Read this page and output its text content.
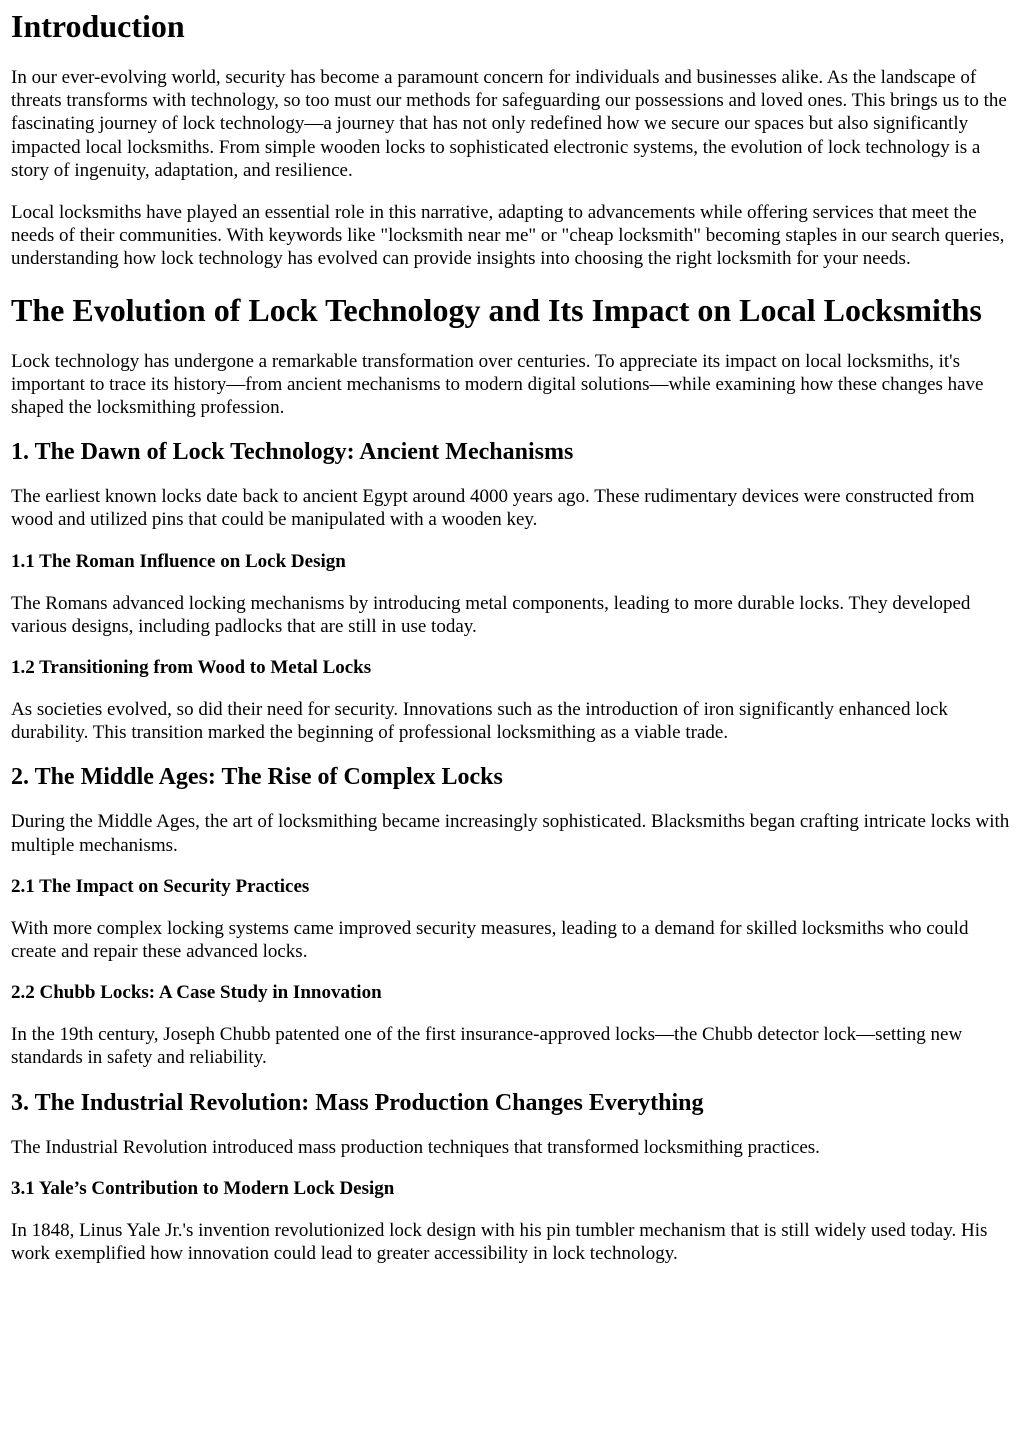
Introduction

In our ever-evolving world, security has become a paramount concern for individuals and businesses alike. As the landscape of threats transforms with technology, so too must our methods for safeguarding our possessions and loved ones. This brings us to the fascinating journey of lock technology—a journey that has not only redefined how we secure our spaces but also significantly impacted local locksmiths. From simple wooden locks to sophisticated electronic systems, the evolution of lock technology is a story of ingenuity, adaptation, and resilience.

Local locksmiths have played an essential role in this narrative, adapting to advancements while offering services that meet the needs of their communities. With keywords like "locksmith near me" or "cheap locksmith" becoming staples in our search queries, understanding how lock technology has evolved can provide insights into choosing the right locksmith for your needs.

The Evolution of Lock Technology and Its Impact on Local Locksmiths

Lock technology has undergone a remarkable transformation over centuries. To appreciate its impact on local locksmiths, it's important to trace its history—from ancient mechanisms to modern digital solutions—while examining how these changes have shaped the locksmithing profession.

1. The Dawn of Lock Technology: Ancient Mechanisms

The earliest known locks date back to ancient Egypt around 4000 years ago. These rudimentary devices were constructed from wood and utilized pins that could be manipulated with a wooden key.

1.1 The Roman Influence on Lock Design

The Romans advanced locking mechanisms by introducing metal components, leading to more durable locks. They developed various designs, including padlocks that are still in use today.

1.2 Transitioning from Wood to Metal Locks

As societies evolved, so did their need for security. Innovations such as the introduction of iron significantly enhanced lock durability. This transition marked the beginning of professional locksmithing as a viable trade.

2. The Middle Ages: The Rise of Complex Locks

During the Middle Ages, the art of locksmithing became increasingly sophisticated. Blacksmiths began crafting intricate locks with multiple mechanisms.

2.1 The Impact on Security Practices

With more complex locking systems came improved security measures, leading to a demand for skilled locksmiths who could create and repair these advanced locks.

2.2 Chubb Locks: A Case Study in Innovation

In the 19th century, Joseph Chubb patented one of the first insurance-approved locks—the Chubb detector lock—setting new standards in safety and reliability.

3. The Industrial Revolution: Mass Production Changes Everything

The Industrial Revolution introduced mass production techniques that transformed locksmithing practices.

3.1 Yale’s Contribution to Modern Lock Design

In 1848, Linus Yale Jr.'s invention revolutionized lock design with his pin tumbler mechanism that is still widely used today. His work exemplified how innovation could lead to greater accessibility in lock technology.
